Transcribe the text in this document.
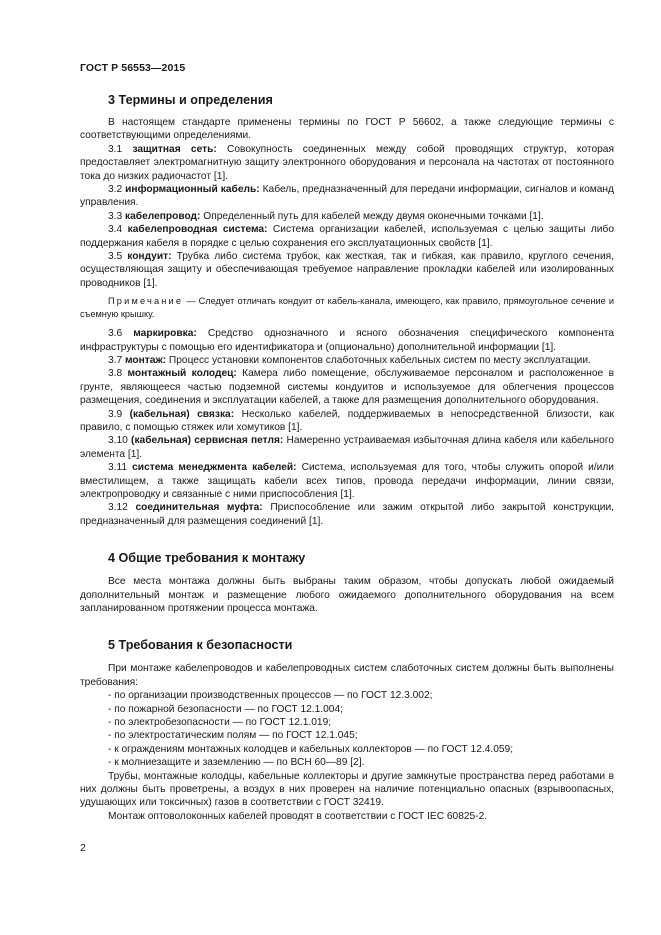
ГОСТ Р 56553—2015
3 Термины и определения

В настоящем стандарте применены термины по ГОСТ Р 56602, а также следующие термины с соответствующими определениями.

3.1 защитная сеть: Совокупность соединенных между собой проводящих структур, которая предоставляет электромагнитную защиту электронного оборудования и персонала на частотах от постоянного тока до низких радиочастот [1].

3.2 информационный кабель: Кабель, предназначенный для передачи информации, сигналов и команд управления.

3.3 кабелепровод: Определенный путь для кабелей между двумя оконечными точками [1].

3.4 кабелепроводная система: Система организации кабелей, используемая с целью защиты либо поддержания кабеля в порядке с целью сохранения его эксплуатационных свойств [1].

3.5 кондуит: Трубка либо система трубок, как жесткая, так и гибкая, как правило, круглого сечения, осуществляющая защиту и обеспечивающая требуемое направление прокладки кабелей или изолированных проводников [1].

Примечание — Следует отличать кондуит от кабель-канала, имеющего, как правило, прямоугольное сечение и съемную крышку.

3.6 маркировка: Средство однозначного и ясного обозначения специфического компонента инфраструктуры с помощью его идентификатора и (опционально) дополнительной информации [1].

3.7 монтаж: Процесс установки компонентов слаботочных кабельных систем по месту эксплуатации.

3.8 монтажный колодец: Камера либо помещение, обслуживаемое персоналом и расположенное в грунте, являющееся частью подземной системы кондуитов и используемое для облегчения процессов размещения, соединения и эксплуатации кабелей, а также для размещения дополнительного оборудования.

3.9 (кабельная) связка: Несколько кабелей, поддерживаемых в непосредственной близости, как правило, с помощью стяжек или хомутиков [1].

3.10 (кабельная) сервисная петля: Намеренно устраиваемая избыточная длина кабеля или кабельного элемента [1].

3.11 система менеджмента кабелей: Система, используемая для того, чтобы служить опорой и/или вместилищем, а также защищать кабели всех типов, провода передачи информации, линии связи, электропроводку и связанные с ними приспособления [1].

3.12 соединительная муфта: Приспособление или зажим открытой либо закрытой конструкции, предназначенный для размещения соединений [1].

4 Общие требования к монтажу

Все места монтажа должны быть выбраны таким образом, чтобы допускать любой ожидаемый дополнительный монтаж и размещение любого ожидаемого дополнительного оборудования на всем запланированном протяжении процесса монтажа.

5 Требования к безопасности

При монтаже кабелепроводов и кабелепроводных систем слаботочных систем должны быть выполнены требования:

- по организации производственных процессов — по ГОСТ 12.3.002;

- по пожарной безопасности — по ГОСТ 12.1.004;

- по электробезопасности — по ГОСТ 12.1.019;

- по электростатическим полям — по ГОСТ 12.1.045;

- к ограждениям монтажных колодцев и кабельных коллекторов — по ГОСТ 12.4.059;

- к молниезащите и заземлению — по ВСН 60—89 [2].

Трубы, монтажные колодцы, кабельные коллекторы и другие замкнутые пространства перед работами в них должны быть проветрены, а воздух в них проверен на наличие потенциально опасных (взрывоопасных, удушающих или токсичных) газов в соответствии с ГОСТ 32419.

Монтаж оптоволоконных кабелей проводят в соответствии с ГОСТ IEC 60825-2.

2
